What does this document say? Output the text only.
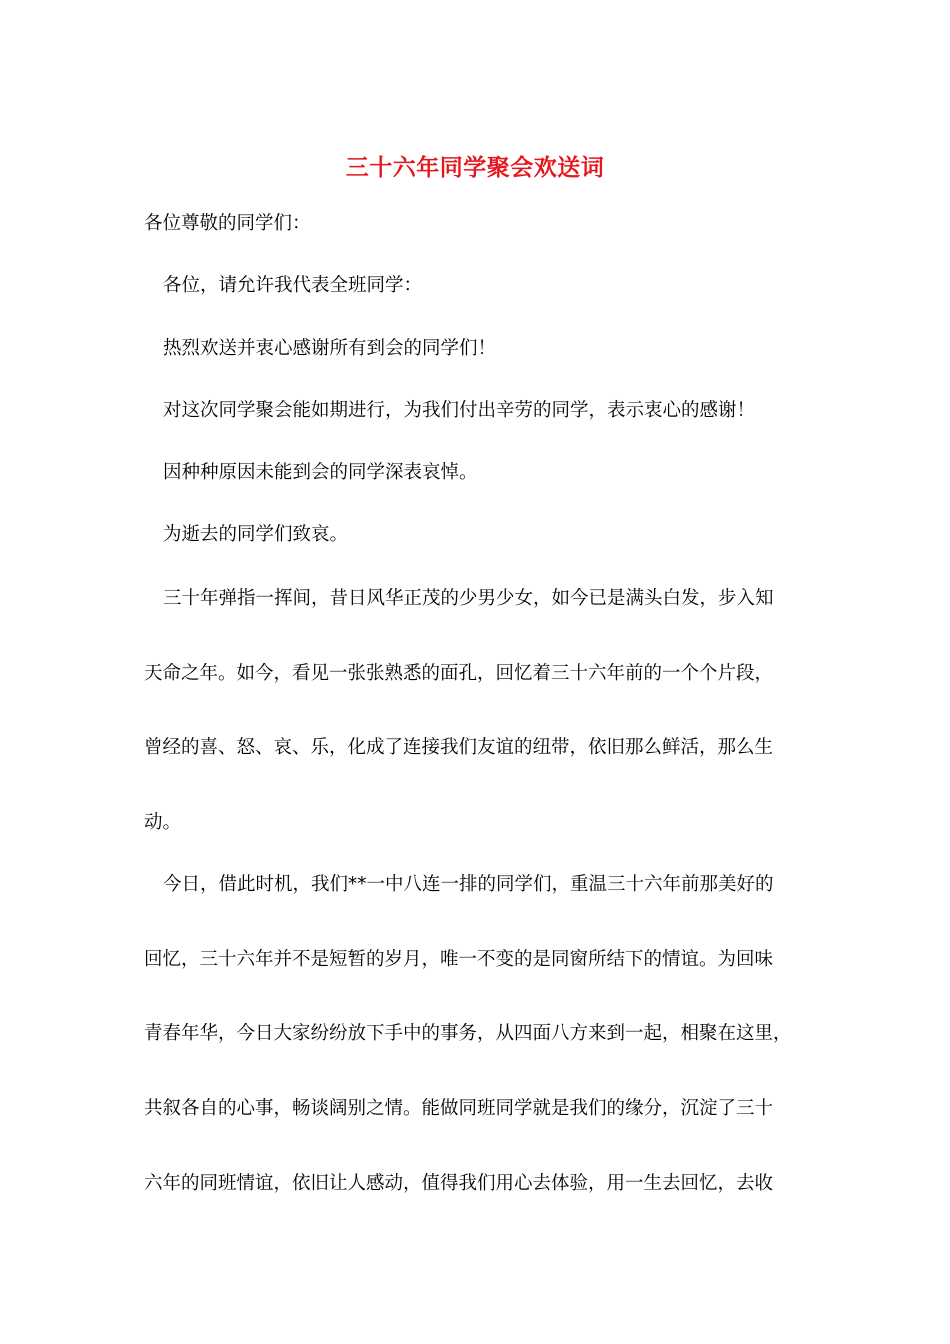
三十六年同学聚会欢送词
各位尊敬的同学们：
各位，请允许我代表全班同学：
热烈欢送并衷心感谢所有到会的同学们！
对这次同学聚会能如期进行，为我们付出辛劳的同学，表示衷心的感谢！
因种种原因未能到会的同学深表哀悼。
为逝去的同学们致哀。
三十年弹指一挥间，昔日风华正茂的少男少女，如今已是满头白发，步入知
天命之年。如今，看见一张张熟悉的面孔，回忆着三十六年前的一个个片段，
曾经的喜、怒、哀、乐，化成了连接我们友谊的纽带，依旧那么鲜活，那么生
动。
今日，借此时机，我们**一中八连一排的同学们，重温三十六年前那美好的
回忆，三十六年并不是短暂的岁月，唯一不变的是同窗所结下的情谊。为回味
青春年华，今日大家纷纷放下手中的事务，从四面八方来到一起，相聚在这里，
共叙各自的心事，畅谈阔别之情。能做同班同学就是我们的缘分，沉淀了三十
六年的同班情谊，依旧让人感动，值得我们用心去体验，用一生去回忆，去收
